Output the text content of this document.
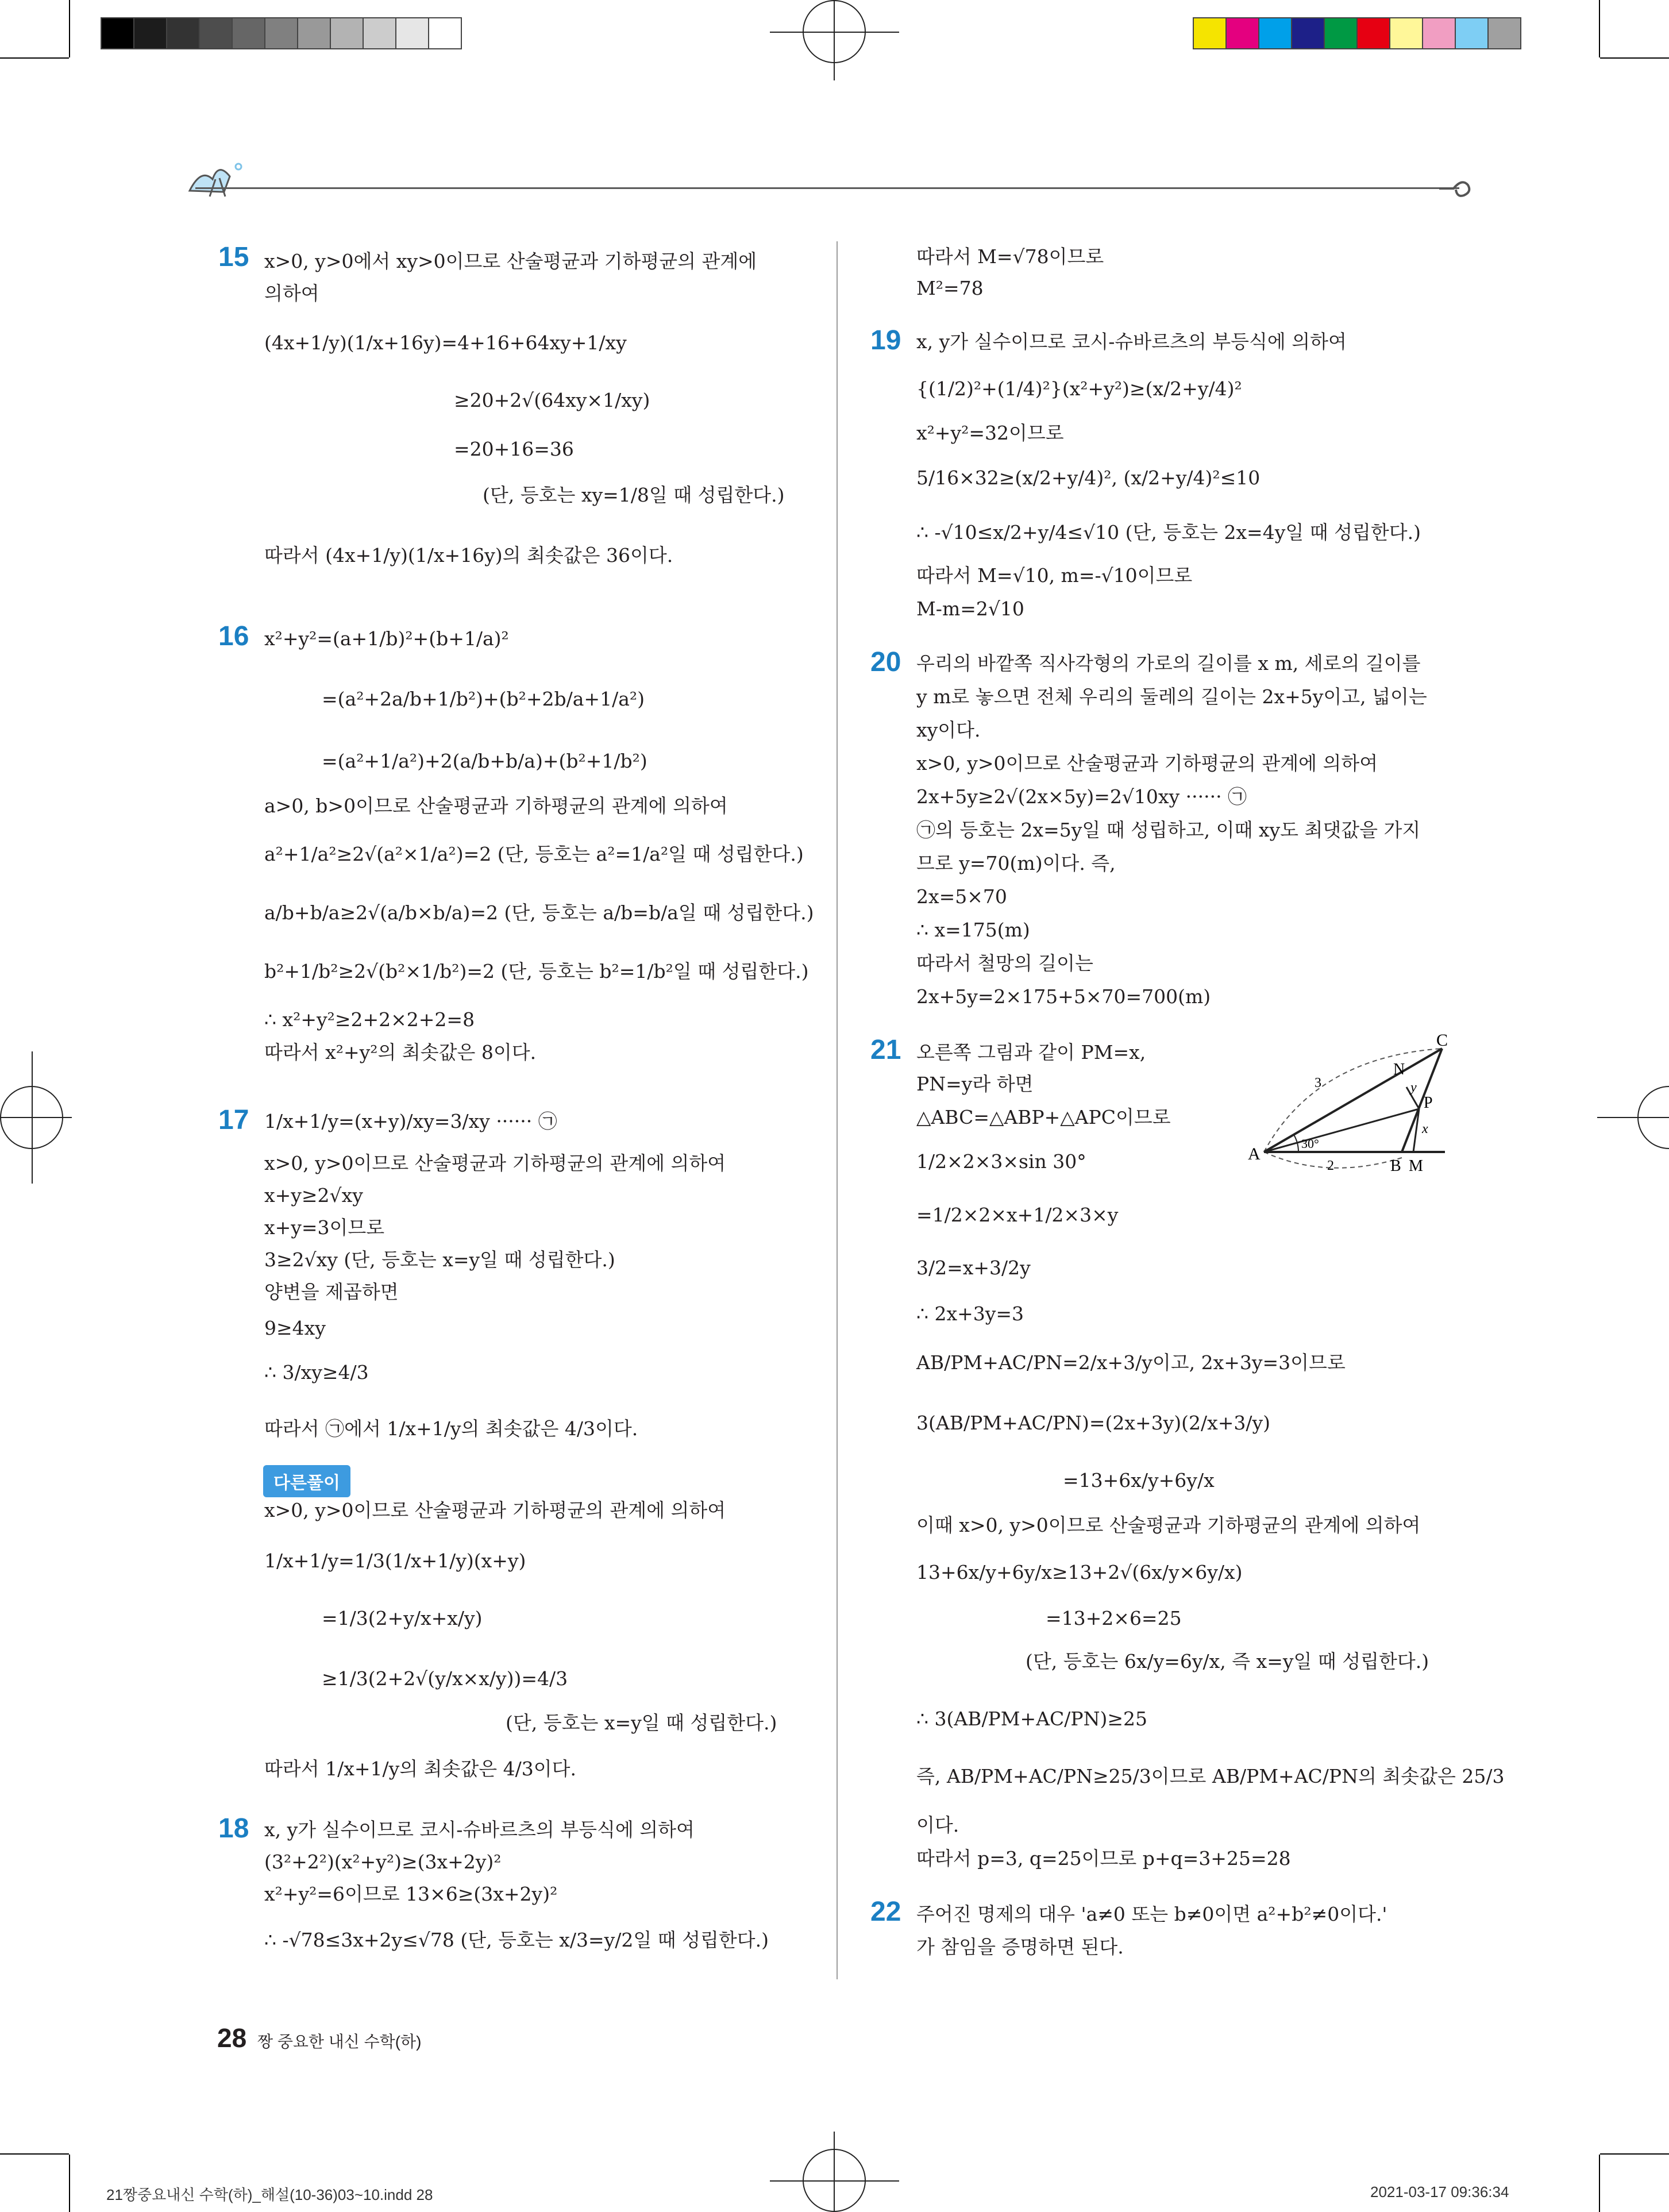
15 x>0, y>0에서 xy>0이므로 산술평균과 기하평균의 관계에
의하여
(4x+1/y)(1/x+16y)=4+16+64xy+1/xy
≥20+2√(64xy×1/xy)
=20+16=36
(단, 등호는 xy=1/8일 때 성립한다.)
따라서 (4x+1/y)(1/x+16y)의 최솟값은 36이다.
16 x²+y²=(a+1/b)²+(b+1/a)²
=(a²+2a/b+1/b²)+(b²+2b/a+1/a²)
=(a²+1/a²)+2(a/b+b/a)+(b²+1/b²)
a>0, b>0이므로 산술평균과 기하평균의 관계에 의하여
a²+1/a²≥2√(a²×1/a²)=2 (단, 등호는 a²=1/a²일 때 성립한다.)
a/b+b/a≥2√(a/b×b/a)=2 (단, 등호는 a/b=b/a일 때 성립한다.)
b²+1/b²≥2√(b²×1/b²)=2 (단, 등호는 b²=1/b²일 때 성립한다.)
∴ x²+y²≥2+2×2+2=8
따라서 x²+y²의 최솟값은 8이다.
17 1/x+1/y=(x+y)/xy=3/xy ······ ㉠
x>0, y>0이므로 산술평균과 기하평균의 관계에 의하여
x+y≥2√xy
x+y=3이므로
3≥2√xy (단, 등호는 x=y일 때 성립한다.)
양변을 제곱하면
9≥4xy
∴ 3/xy≥4/3
따라서 ㉠에서 1/x+1/y의 최솟값은 4/3이다.
다른풀이
x>0, y>0이므로 산술평균과 기하평균의 관계에 의하여
1/x+1/y=1/3(1/x+1/y)(x+y)
=1/3(2+y/x+x/y)
≥1/3(2+2√(y/x×x/y))=4/3
(단, 등호는 x=y일 때 성립한다.)
따라서 1/x+1/y의 최솟값은 4/3이다.
18 x, y가 실수이므로 코시-슈바르츠의 부등식에 의하여
(3²+2²)(x²+y²)≥(3x+2y)²
x²+y²=6이므로 13×6≥(3x+2y)²
∴ -√78≤3x+2y≤√78 (단, 등호는 x/3=y/2일 때 성립한다.)
따라서 M=√78이므로
M²=78
19 x, y가 실수이므로 코시-슈바르츠의 부등식에 의하여
{(1/2)²+(1/4)²}(x²+y²)≥(x/2+y/4)²
x²+y²=32이므로
5/16×32≥(x/2+y/4)², (x/2+y/4)²≤10
∴ -√10≤x/2+y/4≤√10 (단, 등호는 2x=4y일 때 성립한다.)
따라서 M=√10, m=-√10이므로
M-m=2√10
20 우리의 바깥쪽 직사각형의 가로의 길이를 x m, 세로의 길이를
y m로 놓으면 전체 우리의 둘레의 길이는 2x+5y이고, 넓이는
xy이다.
x>0, y>0이므로 산술평균과 기하평균의 관계에 의하여
2x+5y≥2√(2x×5y)=2√10xy ······ ㉠
㉠의 등호는 2x=5y일 때 성립하고, 이때 xy도 최댓값을 가지
므로 y=70(m)이다. 즉,
2x=5×70
∴ x=175(m)
따라서 철망의 길이는
2x+5y=2×175+5×70=700(m)
21 오른쪽 그림과 같이 PM=x,
PN=y라 하면
△ABC=△ABP+△APC이므로
1/2×2×3×sin 30°
=1/2×2×x+1/2×3×y
3/2=x+3/2y
∴ 2x+3y=3
AB/PM+AC/PN=2/x+3/y이고, 2x+3y=3이므로
3(AB/PM+AC/PN)=(2x+3y)(2/x+3/y)
=13+6x/y+6y/x
이때 x>0, y>0이므로 산술평균과 기하평균의 관계에 의하여
13+6x/y+6y/x≥13+2√(6x/y×6y/x)
=13+2×6=25
(단, 등호는 6x/y=6y/x, 즉 x=y일 때 성립한다.)
∴ 3(AB/PM+AC/PN)≥25
즉, AB/PM+AC/PN≥25/3이므로 AB/PM+AC/PN의 최솟값은 25/3
이다.
따라서 p=3, q=25이므로 p+q=3+25=28
A
B M
C
N
P
3
2
30°
x
y
22 주어진 명제의 대우 'a≠0 또는 b≠0이면 a²+b²≠0이다.'
가 참임을 증명하면 된다.
28 짱 중요한 내신 수학(하)
21짱중요내신 수학(하)_해설(10-36)03~10.indd 28	2021-03-17 09:36:34
